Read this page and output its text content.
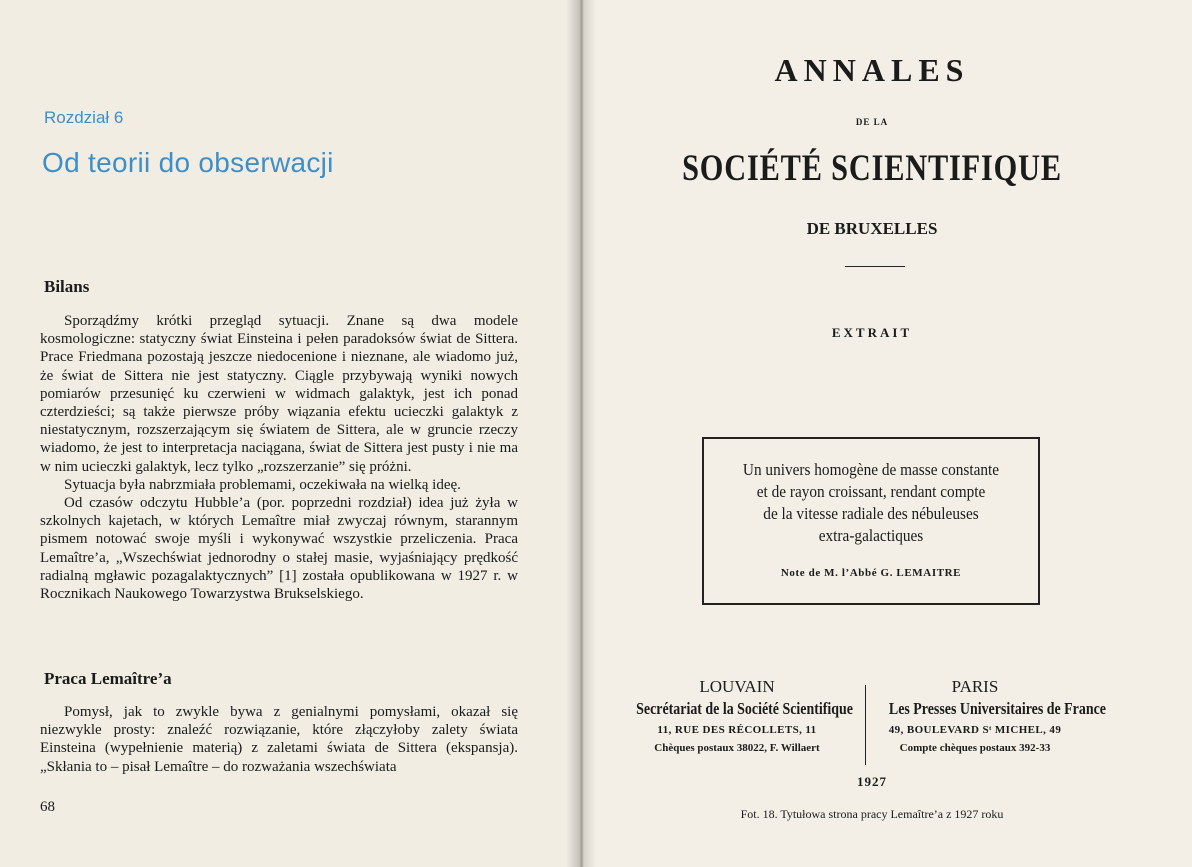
Rozdział 6
Od teorii do obserwacji
Bilans

Sporządźmy krótki przegląd sytuacji. Znane są dwa modele kosmologiczne: statyczny świat Einsteina i pełen paradoksów świat de Sittera. Prace Friedmana pozostają jeszcze niedocenione i nieznane, ale wiadomo już, że świat de Sittera nie jest statyczny. Ciągle przybywają wyniki nowych pomiarów przesunięć ku czerwieni w widmach galaktyk, jest ich ponad czterdzieści; są także pierwsze próby wiązania efektu ucieczki galaktyk z niestatycznym, rozszerzającym się światem de Sittera, ale w gruncie rzeczy wiadomo, że jest to interpretacja naciągana, świat de Sittera jest pusty i nie ma w nim ucieczki galaktyk, lecz tylko „rozszerzanie” się próżni.

Sytuacja była nabrzmiała problemami, oczekiwała na wielką ideę.

Od czasów odczytu Hubble’a (por. poprzedni rozdział) idea już żyła w szkolnych kajetach, w których Lemaître miał zwyczaj równym, starannym pismem notować swoje myśli i wykonywać wszystkie przeliczenia. Praca Lemaître’a, „Wszechświat jednorodny o stałej masie, wyjaśniający prędkość radialną mgławic pozagalaktycznych” [1] została opublikowana w 1927 r. w Rocznikach Naukowego Towarzystwa Brukselskiego.

Praca Lemaître’a

Pomysł, jak to zwykle bywa z genialnymi pomysłami, okazał się niezwykle prosty: znaleźć rozwiązanie, które złączyłoby zalety świata Einsteina (wypełnienie materią) z zaletami świata de Sittera (ekspansja). „Skłania to – pisał Lemaître – do rozważania wszechświata

68
ANNALES
DE LA
SOCIÉTÉ SCIENTIFIQUE
DE BRUXELLES
EXTRAIT
Un univers homogène de masse constante
et de rayon croissant, rendant compte
de la vitesse radiale des nébuleuses
extra-galactiques
Note de M. l’Abbé G. LEMAITRE
LOUVAIN
Secrétariat de la Société Scientifique
11, RUE DES RÉCOLLETS, 11
Chèques postaux 38022, F. Willaert
PARIS
Les Presses Universitaires de France
49, BOULEVARD Sᵗ MICHEL, 49
Compte chèques postaux 392-33
1927
Fot. 18. Tytułowa strona pracy Lemaître’a z 1927 roku
